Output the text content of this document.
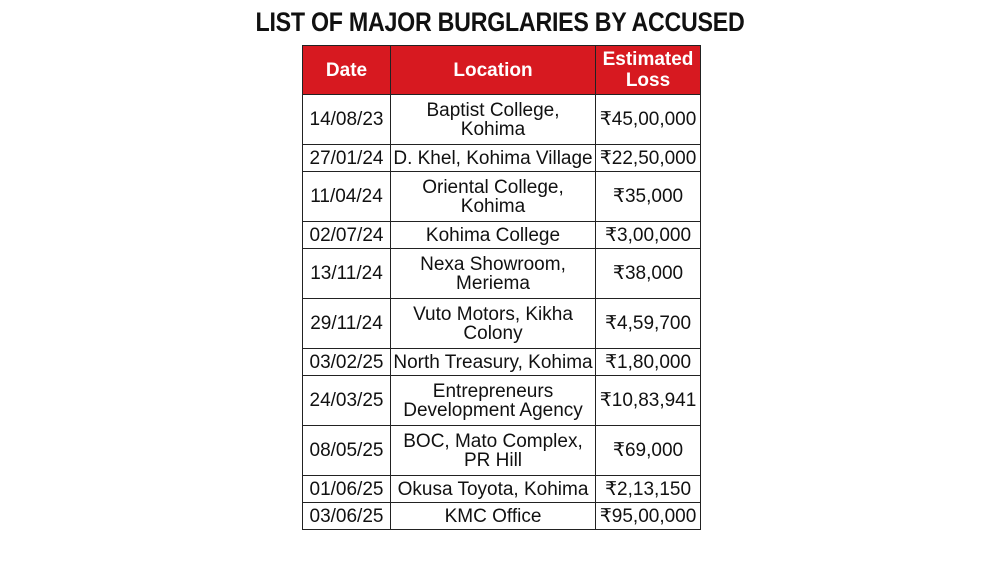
LIST OF MAJOR BURGLARIES BY ACCUSED
Date	Location	Estimated Loss
14/08/23	Baptist College, Kohima	₹45,00,000
27/01/24	D. Khel, Kohima Village	₹22,50,000
11/04/24	Oriental College, Kohima	₹35,000
02/07/24	Kohima College	₹3,00,000
13/11/24	Nexa Showroom, Meriema	₹38,000
29/11/24	Vuto Motors, Kikha Colony	₹4,59,700
03/02/25	North Treasury, Kohima	₹1,80,000
24/03/25	Entrepreneurs Development Agency	₹10,83,941
08/05/25	BOC, Mato Complex, PR Hill	₹69,000
01/06/25	Okusa Toyota, Kohima	₹2,13,150
03/06/25	KMC Office	₹95,00,000
